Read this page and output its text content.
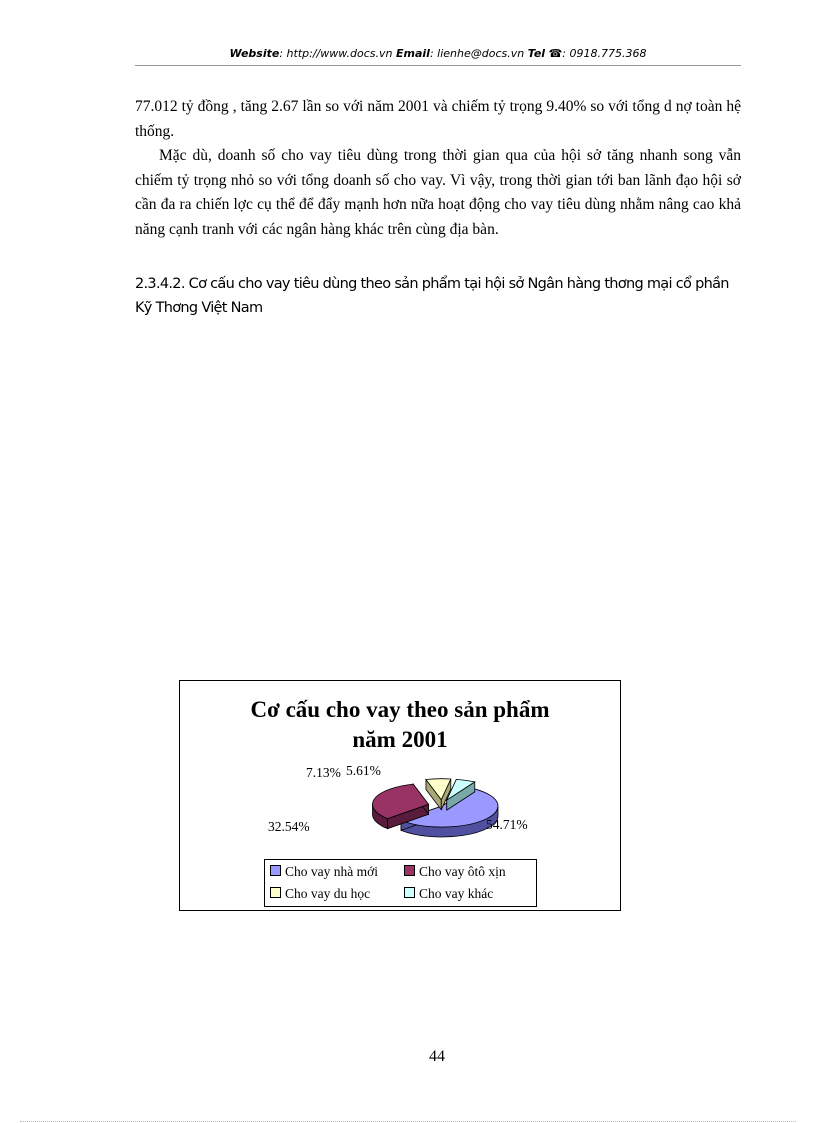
Website: http://www.docs.vn Email: lienhe@docs.vn Tel ☎: 0918.775.368

77.012 tỷ đồng , tăng 2.67 lần so với năm 2001 và chiếm tỷ trọng 9.40% so với tổng d nợ toàn hệ thống.

Mặc dù, doanh số cho vay tiêu dùng trong thời gian qua của hội sở tăng nhanh song vẫn chiếm tỷ trọng nhỏ so với tổng doanh số cho vay. Vì vậy, trong thời gian tới ban lãnh đạo hội sở cần đa ra chiến lợc cụ thể để đẩy mạnh hơn nữa hoạt động cho vay tiêu dùng nhằm nâng cao khả năng cạnh tranh với các ngân hàng khác trên cùng địa bàn.

2.3.4.2. Cơ cấu cho vay tiêu dùng theo sản phẩm tại hội sở Ngân hàng thơng mại cổ phần Kỹ Thơng Việt Nam
Cơ cấu cho vay theo sản phẩm
năm 2001
54.71%
32.54%
7.13% 5.61%
Cho vay nhà mới	Cho vay ôtô xịn
Cho vay du học	Cho vay khác
44
